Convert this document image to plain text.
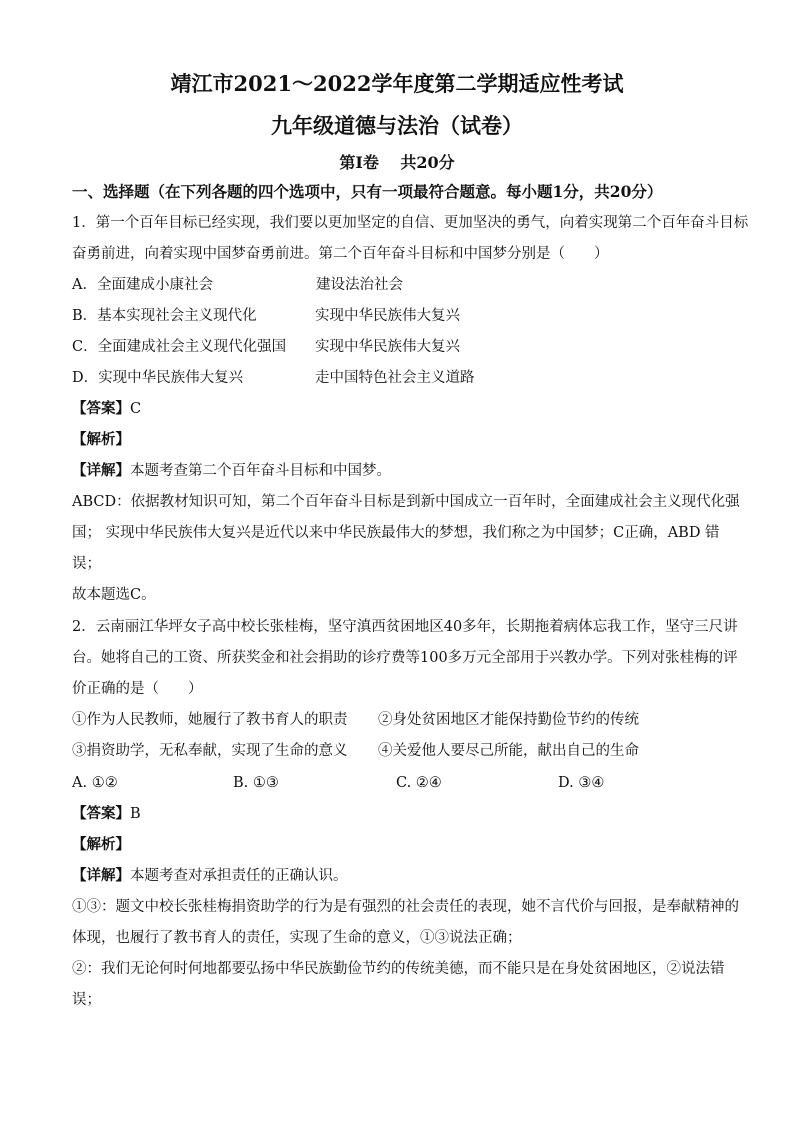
靖江市2021～2022学年度第二学期适应性考试
九年级道德与法治（试卷）
第Ⅰ卷　 共20分
一、选择题（在下列各题的四个选项中，只有一项最符合题意。每小题1分，共20分）
1．第一个百年目标已经实现，我们要以更加坚定的自信、更加坚决的勇气，向着实现第二个百年奋斗目标
奋勇前进，向着实现中国梦奋勇前进。第二个百年奋斗目标和中国梦分别是（　　）
A．全面建成小康社会	建设法治社会
B．基本实现社会主义现代化	实现中华民族伟大复兴
C．全面建成社会主义现代化强国 实现中华民族伟大复兴
D．实现中华民族伟大复兴	走中国特色社会主义道路
【答案】C
【解析】
【详解】本题考查第二个百年奋斗目标和中国梦。
ABCD：依据教材知识可知，第二个百年奋斗目标是到新中国成立一百年时，全面建成社会主义现代化强
国； 实现中华民族伟大复兴是近代以来中华民族最伟大的梦想，我们称之为中国梦；C正确，ABD 错
误；
故本题选C。
2．云南丽江华坪女子高中校长张桂梅，坚守滇西贫困地区40多年，长期拖着病体忘我工作，坚守三尺讲
台。她将自己的工资、所获奖金和社会捐助的诊疗费等100多万元全部用于兴教办学。下列对张桂梅的评
价正确的是（　　）
①作为人民教师，她履行了教书育人的职责 ②身处贫困地区才能保持勤俭节约的传统
③捐资助学，无私奉献，实现了生命的意义 ④关爱他人要尽己所能，献出自己的生命
A. ①②	B. ①③	C. ②④	D. ③④
【答案】B
【解析】
【详解】本题考查对承担责任的正确认识。
①③：题文中校长张桂梅捐资助学的行为是有强烈的社会责任的表现，她不言代价与回报，是奉献精神的
体现，也履行了教书育人的责任，实现了生命的意义，①③说法正确；
②：我们无论何时何地都要弘扬中华民族勤俭节约的传统美德，而不能只是在身处贫困地区，②说法错
误；
